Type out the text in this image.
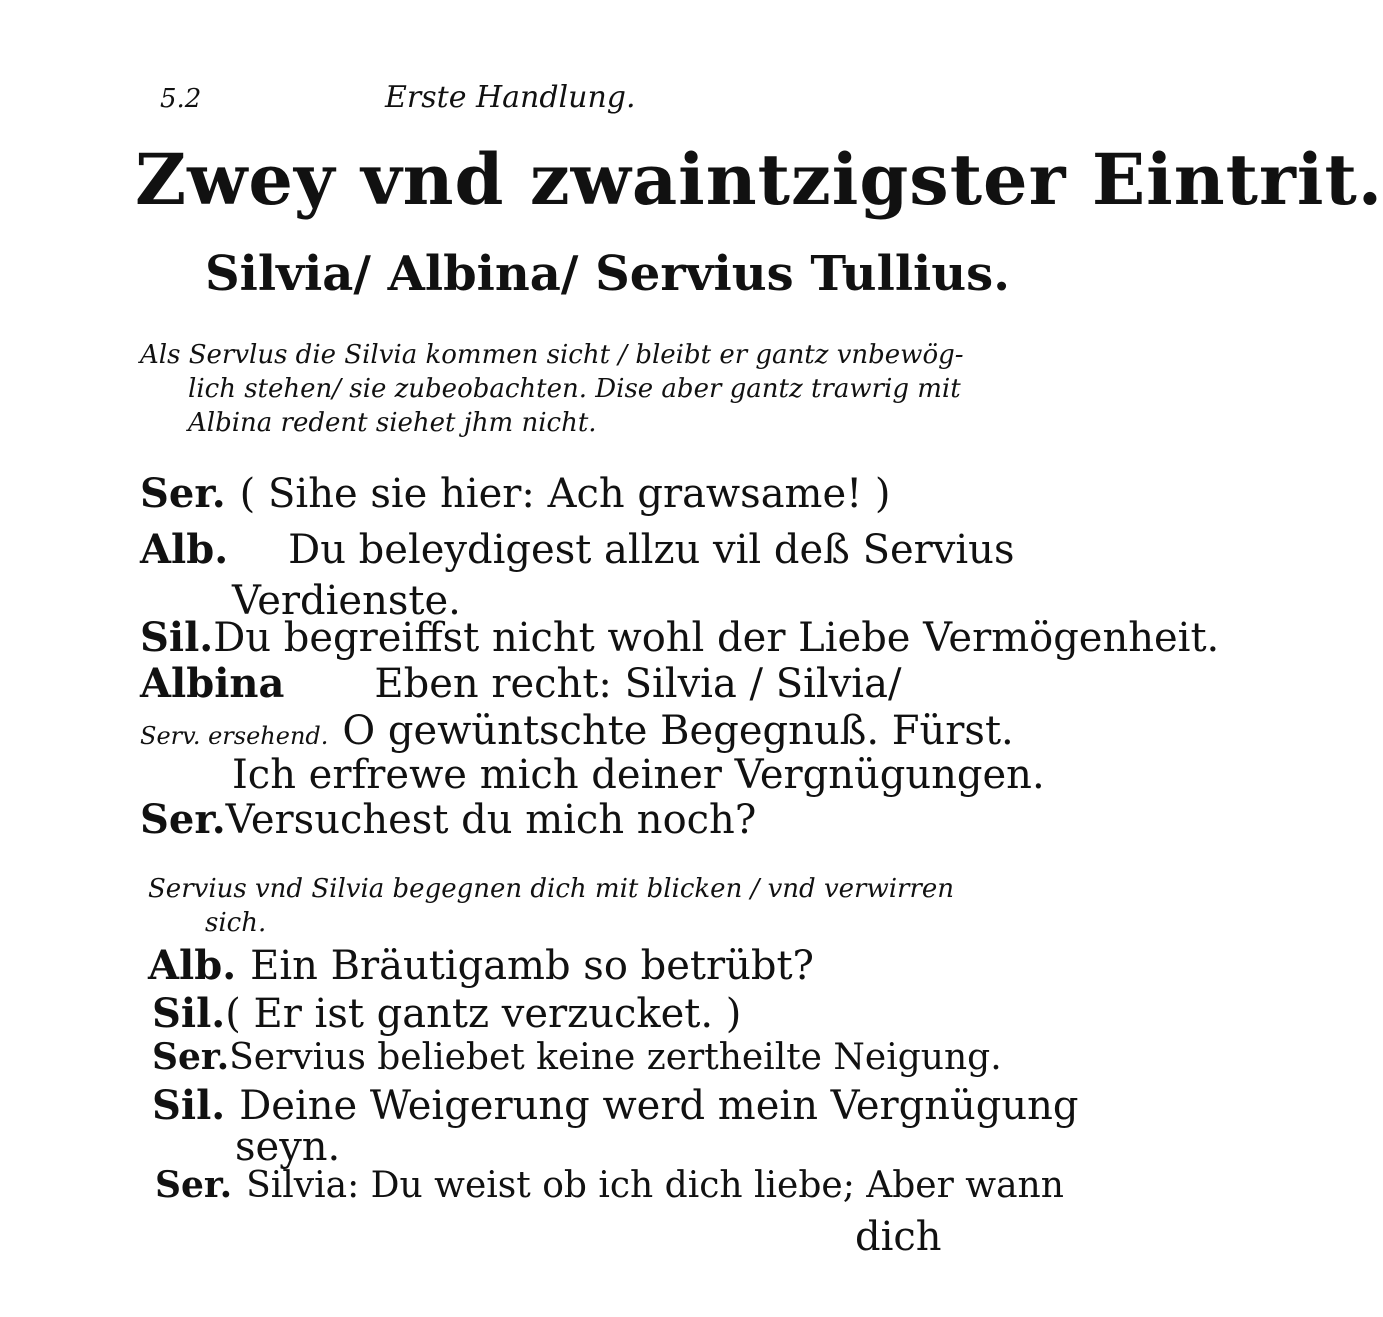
5.2	Erste Handlung.
Zwey vnd zwaintzigster Eintrit.
Silvia/ Albina/ Servius Tullius.
Als Servlus die Silvia kommen sicht / bleibt er gantz vnbewög-
lich stehen/ sie zubeobachten. Dise aber gantz trawrig mit
Albina redent siehet jhm nicht.
Ser. ( Sihe sie hier: Ach grawsame! )
Alb. Du beleydigest allzu vil deß Servius
Verdienste.
Sil.Du begreiffst nicht wohl der Liebe Vermögenheit.
Albina Eben recht: Silvia / Silvia/
Serv. ersehend. O gewüntschte Begegnuß. Fürst.
Ich erfrewe mich deiner Vergnügungen.
Ser.Versuchest du mich noch?
Servius vnd Silvia begegnen dich mit blicken / vnd verwirren
sich.
Alb. Ein Bräutigamb so betrübt?
Sil.( Er ist gantz verzucket. )
Ser.Servius beliebet keine zertheilte Neigung.
Sil. Deine Weigerung werd mein Vergnügung
seyn.
Ser. Silvia: Du weist ob ich dich liebe; Aber wann
dich
